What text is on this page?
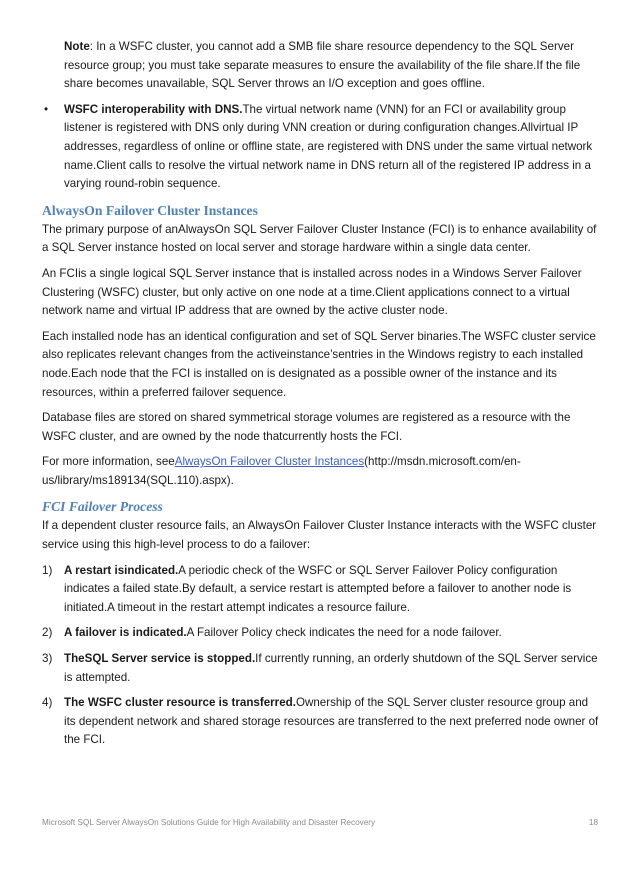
Note: In a WSFC cluster, you cannot add a SMB file share resource dependency to the SQL Server resource group; you must take separate measures to ensure the availability of the file share.If the file share becomes unavailable, SQL Server throws an I/O exception and goes offline.

• WSFC interoperability with DNS.The virtual network name (VNN) for an FCI or availability group listener is registered with DNS only during VNN creation or during configuration changes.Allvirtual IP addresses, regardless of online or offline state, are registered with DNS under the same virtual network name.Client calls to resolve the virtual network name in DNS return all of the registered IP address in a varying round-robin sequence.
AlwaysOn Failover Cluster Instances

The primary purpose of anAlwaysOn SQL Server Failover Cluster Instance (FCI) is to enhance availability of a SQL Server instance hosted on local server and storage hardware within a single data center.

An FCIis a single logical SQL Server instance that is installed across nodes in a Windows Server Failover Clustering (WSFC) cluster, but only active on one node at a time.Client applications connect to a virtual network name and virtual IP address that are owned by the active cluster node.

Each installed node has an identical configuration and set of SQL Server binaries.The WSFC cluster service also replicates relevant changes from the activeinstance’sentries in the Windows registry to each installed node.Each node that the FCI is installed on is designated as a possible owner of the instance and its resources, within a preferred failover sequence.

Database files are stored on shared symmetrical storage volumes are registered as a resource with the WSFC cluster, and are owned by the node thatcurrently hosts the FCI.

For more information, seeAlwaysOn Failover Cluster Instances(http://msdn.microsoft.com/en-us/library/ms189134(SQL.110).aspx).

FCI Failover Process

If a dependent cluster resource fails, an AlwaysOn Failover Cluster Instance interacts with the WSFC cluster service using this high-level process to do a failover:

1) A restart isindicated.A periodic check of the WSFC or SQL Server Failover Policy configuration indicates a failed state.By default, a service restart is attempted before a failover to another node is initiated.A timeout in the restart attempt indicates a resource failure.
2) A failover is indicated.A Failover Policy check indicates the need for a node failover.
3) TheSQL Server service is stopped.If currently running, an orderly shutdown of the SQL Server service is attempted.
4) The WSFC cluster resource is transferred.Ownership of the SQL Server cluster resource group and its dependent network and shared storage resources are transferred to the next preferred node owner of the FCI.
Microsoft SQL Server AlwaysOn Solutions Guide for High Availability and Disaster Recovery	18
